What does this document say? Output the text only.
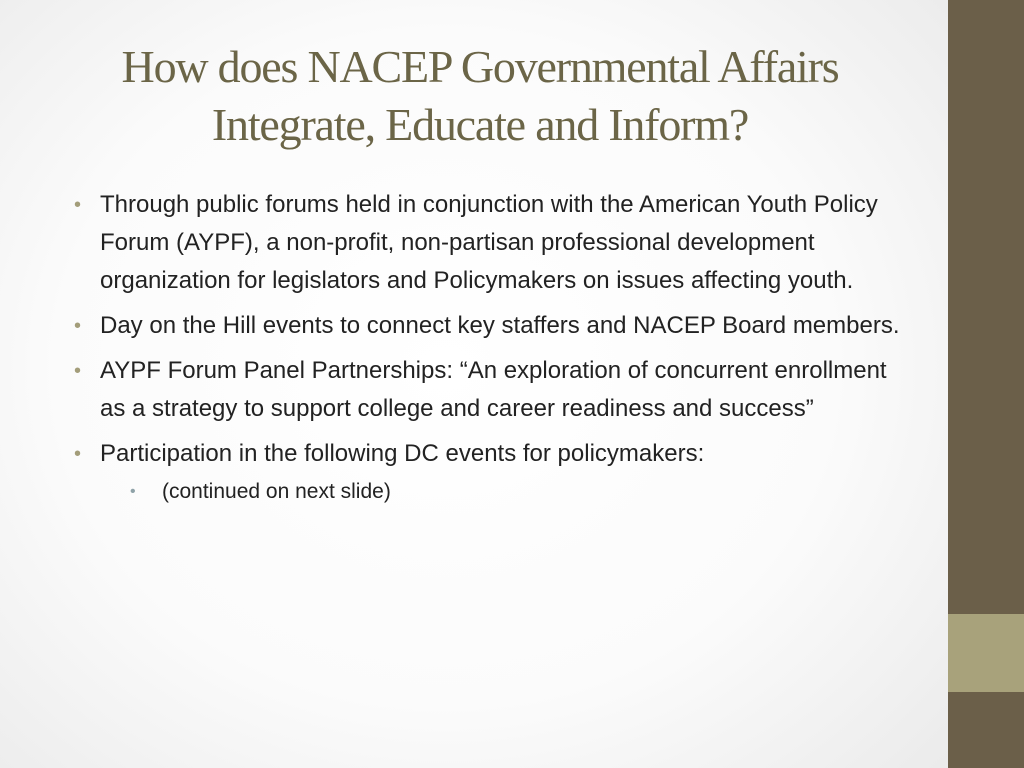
How does NACEP Governmental Affairs
Integrate, Educate and Inform?
• Through public forums held in conjunction with the American Youth Policy Forum (AYPF), a non-profit, non-partisan professional development organization for legislators and Policymakers on issues affecting youth.
• Day on the Hill events to connect key staffers and NACEP Board members.
• AYPF Forum Panel Partnerships: “An exploration of concurrent enrollment as a strategy to support college and career readiness and success”
• Participation in the following DC events for policymakers:
• (continued on next slide)
